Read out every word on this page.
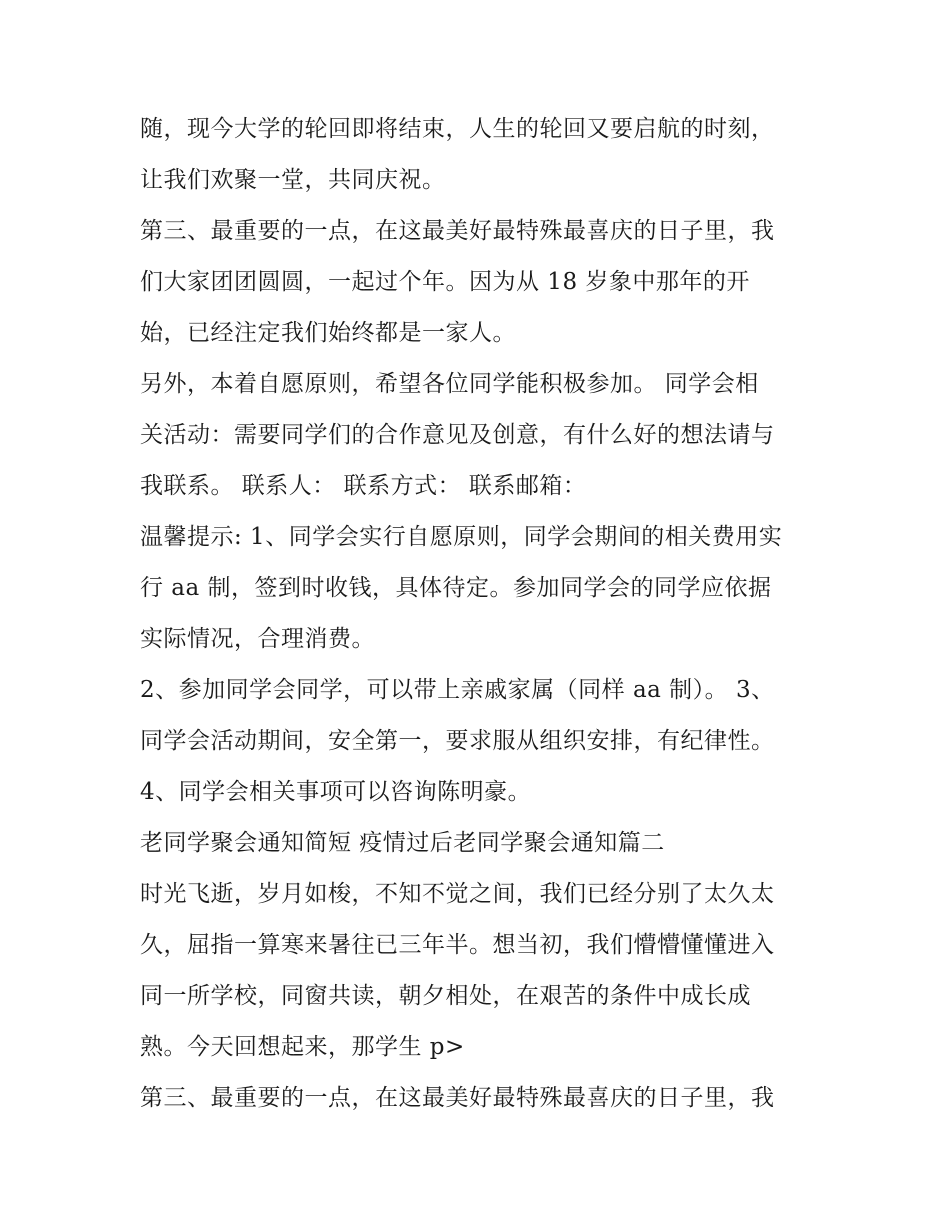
随，现今大学的轮回即将结束，人生的轮回又要启航的时刻，
让我们欢聚一堂，共同庆祝。
第三、最重要的一点，在这最美好最特殊最喜庆的日子里，我
们大家团团圆圆，一起过个年。因为从 18 岁象中那年的开
始，已经注定我们始终都是一家人。
另外，本着自愿原则，希望各位同学能积极参加。 同学会相
关活动：需要同学们的合作意见及创意，有什么好的想法请与
我联系。 联系人： 联系方式： 联系邮箱：
温馨提示: 1、同学会实行自愿原则，同学会期间的相关费用实
行 aa 制，签到时收钱，具体待定。参加同学会的同学应依据
实际情况，合理消费。
2、参加同学会同学，可以带上亲戚家属（同样 aa 制）。 3、
同学会活动期间，安全第一，要求服从组织安排，有纪律性。
4、同学会相关事项可以咨询陈明豪。
老同学聚会通知简短 疫情过后老同学聚会通知篇二
时光飞逝，岁月如梭，不知不觉之间，我们已经分别了太久太
久，屈指一算寒来暑往已三年半。想当初，我们懵懵懂懂进入
同一所学校，同窗共读，朝夕相处，在艰苦的条件中成长成
熟。今天回想起来，那学生 p>
第三、最重要的一点，在这最美好最特殊最喜庆的日子里，我
